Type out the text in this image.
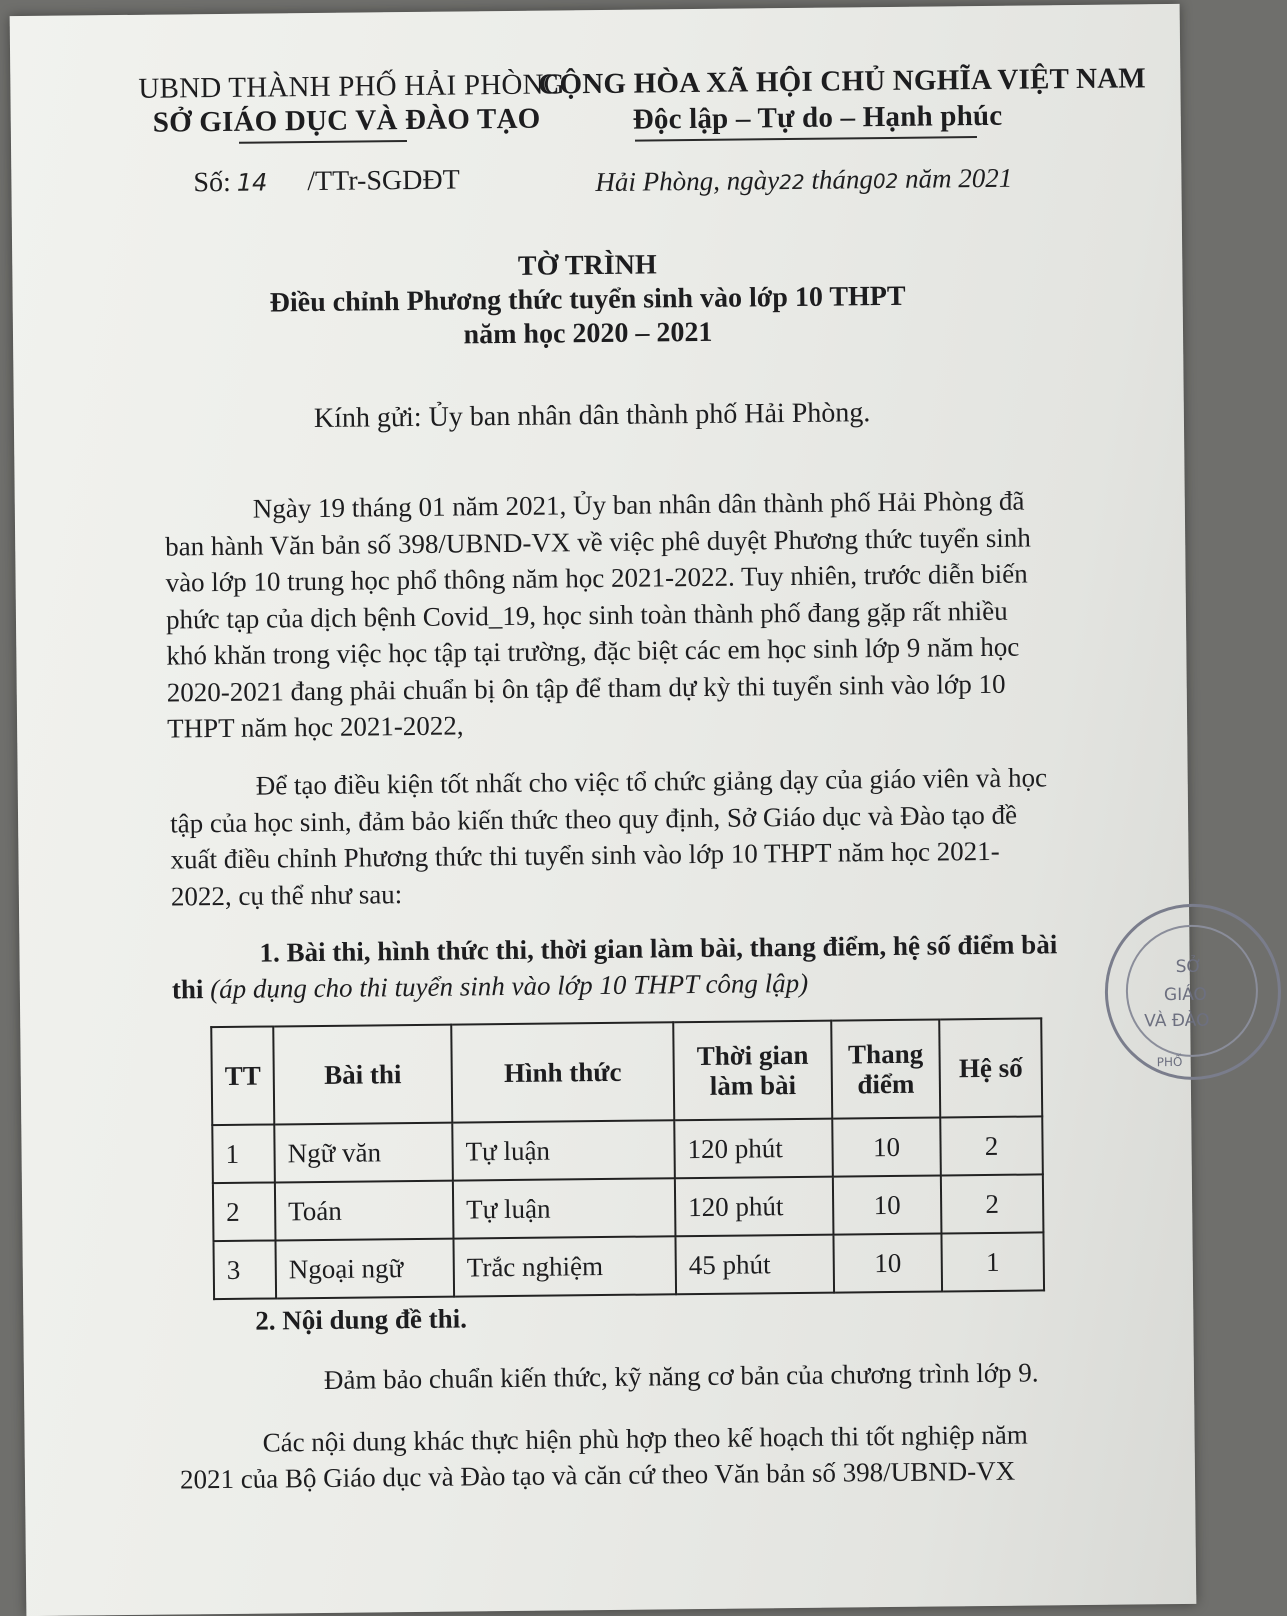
UBND THÀNH PHỐ HẢI PHÒNG
SỞ GIÁO DỤC VÀ ĐÀO TẠO
CỘNG HÒA XÃ HỘI CHỦ NGHĨA VIỆT NAM
Độc lập – Tự do – Hạnh phúc
Số: 14 /TTr-SGDĐT	Hải Phòng, ngày22 tháng02 năm 2021
TỜ TRÌNH
Điều chỉnh Phương thức tuyển sinh vào lớp 10 THPT
năm học 2020 – 2021
Kính gửi: Ủy ban nhân dân thành phố Hải Phòng.
Ngày 19 tháng 01 năm 2021, Ủy ban nhân dân thành phố Hải Phòng đã
ban hành Văn bản số 398/UBND-VX về việc phê duyệt Phương thức tuyển sinh
vào lớp 10 trung học phổ thông năm học 2021-2022. Tuy nhiên, trước diễn biến
phức tạp của dịch bệnh Covid_19, học sinh toàn thành phố đang gặp rất nhiều
khó khăn trong việc học tập tại trường, đặc biệt các em học sinh lớp 9 năm học
2020-2021 đang phải chuẩn bị ôn tập để tham dự kỳ thi tuyển sinh vào lớp 10
THPT năm học 2021-2022,
Để tạo điều kiện tốt nhất cho việc tổ chức giảng dạy của giáo viên và học
tập của học sinh, đảm bảo kiến thức theo quy định, Sở Giáo dục và Đào tạo đề
xuất điều chỉnh Phương thức thi tuyển sinh vào lớp 10 THPT năm học 2021-
2022, cụ thể như sau:
1. Bài thi, hình thức thi, thời gian làm bài, thang điểm, hệ số điểm bài
thi (áp dụng cho thi tuyển sinh vào lớp 10 THPT công lập)
TT	Bài thi	Hình thức	Thời gian làm bài	Thang điểm	Hệ số
1	Ngữ văn	Tự luận	120 phút	10	2
2	Toán	Tự luận	120 phút	10	2
3	Ngoại ngữ	Trắc nghiệm	45 phút	10	1
2. Nội dung đề thi.
Đảm bảo chuẩn kiến thức, kỹ năng cơ bản của chương trình lớp 9.
Các nội dung khác thực hiện phù hợp theo kế hoạch thi tốt nghiệp năm
2021 của Bộ Giáo dục và Đào tạo và căn cứ theo Văn bản số 398/UBND-VX
SỞ
GIÁO
VÀ ĐÀO
PHỐ
